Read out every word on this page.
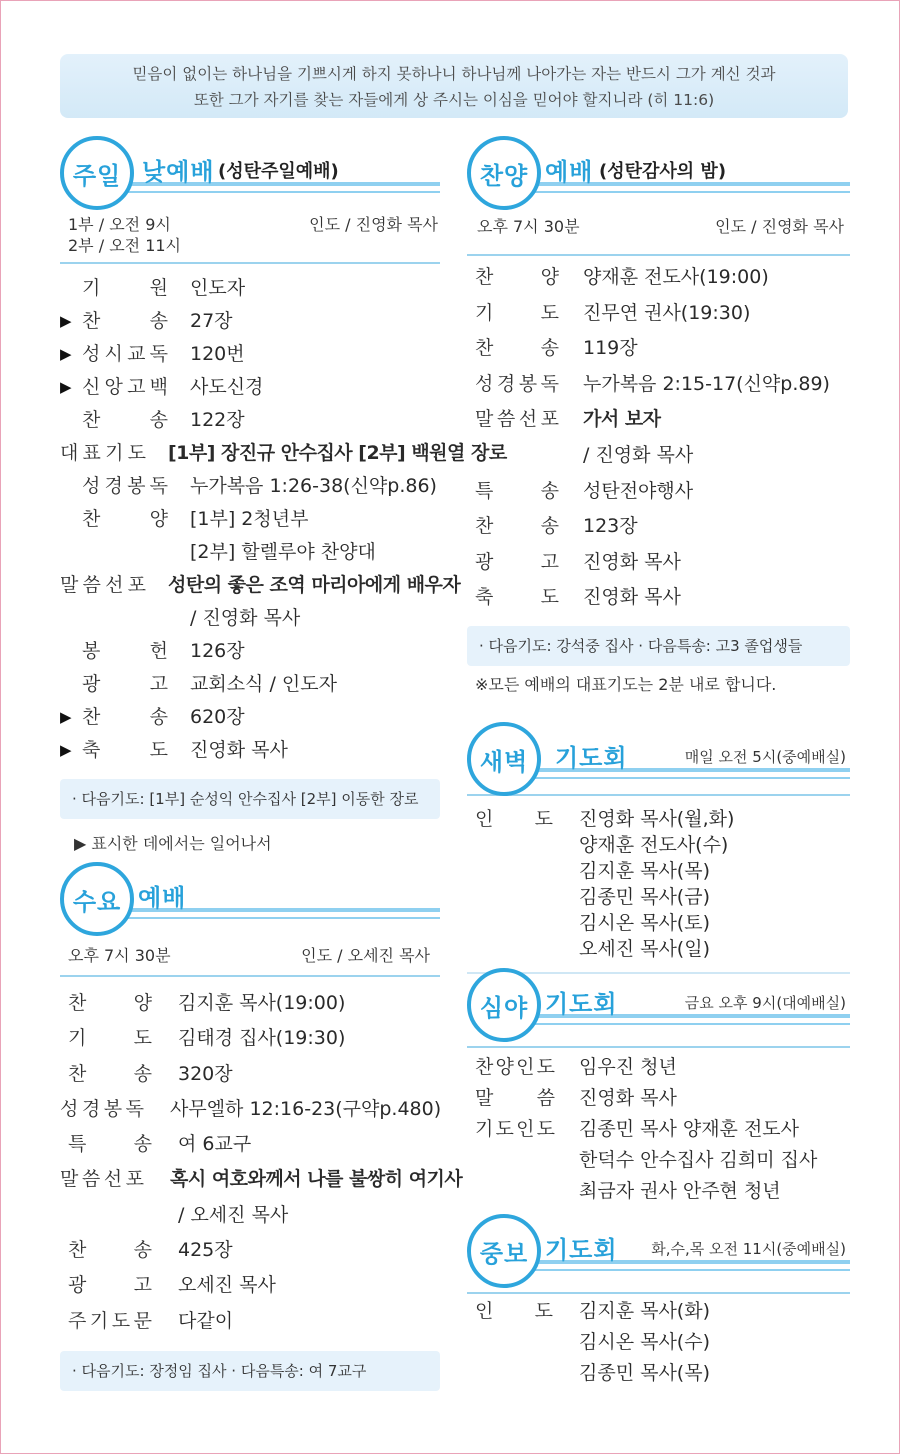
믿음이 없이는 하나님을 기쁘시게 하지 못하나니 하나님께 나아가는 자는 반드시 그가 계신 것과
또한 그가 자기를 찾는 자들에게 상 주시는 이심을 믿어야 할지니라 (히 11:6)
주일 낮예배 (성탄주일예배)
1부 / 오전 9시
2부 / 오전 11시
인도 / 진영화 목사
기	원 인도자
▶ 찬	송 27장
▶ 성 시 교 독 120번
▶ 신 앙 고 백 사도신경
찬	송 122장
대 표 기 도 [1부] 장진규 안수집사 [2부] 백원열 장로
성 경 봉 독 누가복음 1:26-38(신약p.86)
찬	양 [1부] 2청년부
[2부] 할렐루야 찬양대
말 씀 선 포 성탄의 좋은 조역 마리아에게 배우자
/ 진영화 목사
봉	헌 126장
광	고 교회소식 / 인도자
▶ 찬	송 620장
▶ 축	도 진영화 목사
· 다음기도: [1부] 순성익 안수집사 [2부] 이동한 장로
▶ 표시한 데에서는 일어나서
수요 예배
오후 7시 30분	인도 / 오세진 목사
찬 양 김지훈 목사(19:00)
기 도 김태경 집사(19:30)
찬 송 320장
성 경 봉 독 사무엘하 12:16-23(구약p.480)
특 송 여 6교구
말 씀 선 포 혹시 여호와께서 나를 불쌍히 여기사
/ 오세진 목사
찬 송 425장
광 고 오세진 목사
주 기 도 문 다같이
· 다음기도: 장정임 집사 · 다음특송: 여 7교구
찬양 예배 (성탄감사의 밤)
오후 7시 30분	인도 / 진영화 목사
찬 양 양재훈 전도사(19:00)
기 도 진무연 권사(19:30)
찬 송 119장
성 경 봉 독 누가복음 2:15-17(신약p.89)
말 씀 선 포 가서 보자
/ 진영화 목사
특 송 성탄전야행사
찬 송 123장
광 고 진영화 목사
축 도 진영화 목사
· 다음기도: 강석중 집사 · 다음특송: 고3 졸업생들
※모든 예배의 대표기도는 2분 내로 합니다.
새벽	기도회	매일 오전 5시(중예배실)
인 도 진영화 목사(월,화)
양재훈 전도사(수)
김지훈 목사(목)
김종민 목사(금)
김시온 목사(토)
오세진 목사(일)
심야 기도회	금요 오후 9시(대예배실)
찬 양 인 도 임우진 청년
말 씀 진영화 목사
기 도 인 도 김종민 목사 양재훈 전도사
한덕수 안수집사 김희미 집사
최금자 권사 안주현 청년
중보 기도회 화,수,목 오전 11시(중예배실)
인 도 김지훈 목사(화)
김시온 목사(수)
김종민 목사(목)
